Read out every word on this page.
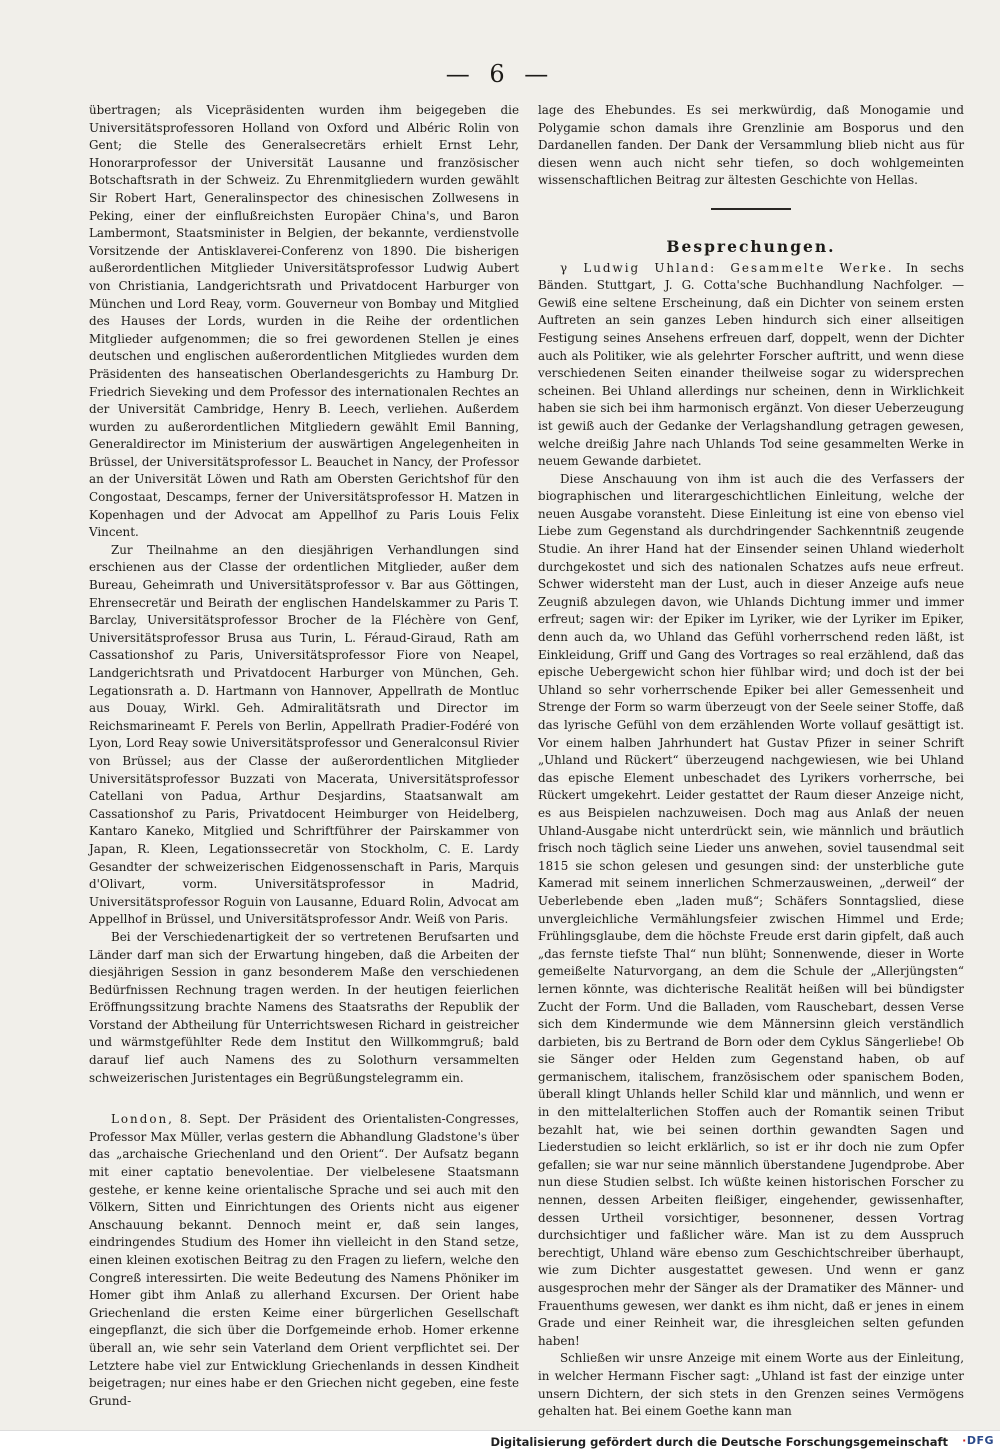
— 6 —

übertragen; als Vicepräsidenten wurden ihm beigegeben die Universitätsprofessoren Holland von Oxford und Albéric Rolin von Gent; die Stelle des Generalsecretärs erhielt Ernst Lehr, Honorarprofessor der Universität Lausanne und französischer Botschaftsrath in der Schweiz. Zu Ehrenmitgliedern wurden gewählt Sir Robert Hart, Generalinspector des chinesischen Zollwesens in Peking, einer der einflußreichsten Europäer China's, und Baron Lambermont, Staatsminister in Belgien, der bekannte, verdienstvolle Vorsitzende der Antisklaverei-Conferenz von 1890. Die bisherigen außerordentlichen Mitglieder Universitätsprofessor Ludwig Aubert von Christiania, Landgerichtsrath und Privatdocent Harburger von München und Lord Reay, vorm. Gouverneur von Bombay und Mitglied des Hauses der Lords, wurden in die Reihe der ordentlichen Mitglieder aufgenommen; die so frei gewordenen Stellen je eines deutschen und englischen außerordentlichen Mitgliedes wurden dem Präsidenten des hanseatischen Oberlandesgerichts zu Hamburg Dr. Friedrich Sieveking und dem Professor des internationalen Rechtes an der Universität Cambridge, Henry B. Leech, verliehen. Außerdem wurden zu außerordentlichen Mitgliedern gewählt Emil Banning, Generaldirector im Ministerium der auswärtigen Angelegenheiten in Brüssel, der Universitätsprofessor L. Beauchet in Nancy, der Professor an der Universität Löwen und Rath am Obersten Gerichtshof für den Congostaat, Descamps, ferner der Universitätsprofessor H. Matzen in Kopenhagen und der Advocat am Appellhof zu Paris Louis Felix Vincent.

Zur Theilnahme an den diesjährigen Verhandlungen sind erschienen aus der Classe der ordentlichen Mitglieder, außer dem Bureau, Geheimrath und Universitätsprofessor v. Bar aus Göttingen, Ehrensecretär und Beirath der englischen Handelskammer zu Paris T. Barclay, Universitätsprofessor Brocher de la Fléchère von Genf, Universitätsprofessor Brusa aus Turin, L. Féraud-Giraud, Rath am Cassationshof zu Paris, Universitätsprofessor Fiore von Neapel, Landgerichtsrath und Privatdocent Harburger von München, Geh. Legationsrath a. D. Hartmann von Hannover, Appellrath de Montluc aus Douay, Wirkl. Geh. Admiralitätsrath und Director im Reichsmarineamt F. Perels von Berlin, Appellrath Pradier-Fodéré von Lyon, Lord Reay sowie Universitätsprofessor und Generalconsul Rivier von Brüssel; aus der Classe der außerordentlichen Mitglieder Universitätsprofessor Buzzati von Macerata, Universitätsprofessor Catellani von Padua, Arthur Desjardins, Staatsanwalt am Cassationshof zu Paris, Privatdocent Heimburger von Heidelberg, Kantaro Kaneko, Mitglied und Schriftführer der Pairskammer von Japan, R. Kleen, Legationssecretär von Stockholm, C. E. Lardy Gesandter der schweizerischen Eidgenossenschaft in Paris, Marquis d'Olivart, vorm. Universitätsprofessor in Madrid, Universitätsprofessor Roguin von Lausanne, Eduard Rolin, Advocat am Appellhof in Brüssel, und Universitätsprofessor Andr. Weiß von Paris.

Bei der Verschiedenartigkeit der so vertretenen Berufsarten und Länder darf man sich der Erwartung hingeben, daß die Arbeiten der diesjährigen Session in ganz besonderem Maße den verschiedenen Bedürfnissen Rechnung tragen werden. In der heutigen feierlichen Eröffnungssitzung brachte Namens des Staatsraths der Republik der Vorstand der Abtheilung für Unterrichtswesen Richard in geistreicher und wärmstgefühlter Rede dem Institut den Willkommgruß; bald darauf lief auch Namens des zu Solothurn versammelten schweizerischen Juristentages ein Begrüßungstelegramm ein.

London, 8. Sept. Der Präsident des Orientalisten-Congresses, Professor Max Müller, verlas gestern die Abhandlung Gladstone's über das „archaische Griechenland und den Orient“. Der Aufsatz begann mit einer captatio benevolentiae. Der vielbelesene Staatsmann gestehe, er kenne keine orientalische Sprache und sei auch mit den Völkern, Sitten und Einrichtungen des Orients nicht aus eigener Anschauung bekannt. Dennoch meint er, daß sein langes, eindringendes Studium des Homer ihn vielleicht in den Stand setze, einen kleinen exotischen Beitrag zu den Fragen zu liefern, welche den Congreß interessirten. Die weite Bedeutung des Namens Phöniker im Homer gibt ihm Anlaß zu allerhand Excursen. Der Orient habe Griechenland die ersten Keime einer bürgerlichen Gesellschaft eingepflanzt, die sich über die Dorfgemeinde erhob. Homer erkenne überall an, wie sehr sein Vaterland dem Orient verpflichtet sei. Der Letztere habe viel zur Entwicklung Griechenlands in dessen Kindheit beigetragen; nur eines habe er den Griechen nicht gegeben, eine feste Grund-

lage des Ehebundes. Es sei merkwürdig, daß Monogamie und Polygamie schon damals ihre Grenzlinie am Bosporus und den Dardanellen fanden. Der Dank der Versammlung blieb nicht aus für diesen wenn auch nicht sehr tiefen, so doch wohlgemeinten wissenschaftlichen Beitrag zur ältesten Geschichte von Hellas.

Besprechungen.

γ Ludwig Uhland: Gesammelte Werke. In sechs Bänden. Stuttgart, J. G. Cotta'sche Buchhandlung Nachfolger. — Gewiß eine seltene Erscheinung, daß ein Dichter von seinem ersten Auftreten an sein ganzes Leben hindurch sich einer allseitigen Festigung seines Ansehens erfreuen darf, doppelt, wenn der Dichter auch als Politiker, wie als gelehrter Forscher auftritt, und wenn diese verschiedenen Seiten einander theilweise sogar zu widersprechen scheinen. Bei Uhland allerdings nur scheinen, denn in Wirklichkeit haben sie sich bei ihm harmonisch ergänzt. Von dieser Ueberzeugung ist gewiß auch der Gedanke der Verlagshandlung getragen gewesen, welche dreißig Jahre nach Uhlands Tod seine gesammelten Werke in neuem Gewande darbietet.

Diese Anschauung von ihm ist auch die des Verfassers der biographischen und literargeschichtlichen Einleitung, welche der neuen Ausgabe voransteht. Diese Einleitung ist eine von ebenso viel Liebe zum Gegenstand als durchdringender Sachkenntniß zeugende Studie. An ihrer Hand hat der Einsender seinen Uhland wiederholt durchgekostet und sich des nationalen Schatzes aufs neue erfreut. Schwer widersteht man der Lust, auch in dieser Anzeige aufs neue Zeugniß abzulegen davon, wie Uhlands Dichtung immer und immer erfreut; sagen wir: der Epiker im Lyriker, wie der Lyriker im Epiker, denn auch da, wo Uhland das Gefühl vorherrschend reden läßt, ist Einkleidung, Griff und Gang des Vortrages so real erzählend, daß das epische Uebergewicht schon hier fühlbar wird; und doch ist der bei Uhland so sehr vorherrschende Epiker bei aller Gemessenheit und Strenge der Form so warm überzeugt von der Seele seiner Stoffe, daß das lyrische Gefühl von dem erzählenden Worte vollauf gesättigt ist. Vor einem halben Jahrhundert hat Gustav Pfizer in seiner Schrift „Uhland und Rückert“ überzeugend nachgewiesen, wie bei Uhland das epische Element unbeschadet des Lyrikers vorherrsche, bei Rückert umgekehrt. Leider gestattet der Raum dieser Anzeige nicht, es aus Beispielen nachzuweisen. Doch mag aus Anlaß der neuen Uhland-Ausgabe nicht unterdrückt sein, wie männlich und bräutlich frisch noch täglich seine Lieder uns anwehen, soviel tausendmal seit 1815 sie schon gelesen und gesungen sind: der unsterbliche gute Kamerad mit seinem innerlichen Schmerzausweinen, „derweil“ der Ueberlebende eben „laden muß“; Schäfers Sonntagslied, diese unvergleichliche Vermählungsfeier zwischen Himmel und Erde; Frühlingsglaube, dem die höchste Freude erst darin gipfelt, daß auch „das fernste tiefste Thal“ nun blüht; Sonnenwende, dieser in Worte gemeißelte Naturvorgang, an dem die Schule der „Allerjüngsten“ lernen könnte, was dichterische Realität heißen will bei bündigster Zucht der Form. Und die Balladen, vom Rauschebart, dessen Verse sich dem Kindermunde wie dem Männersinn gleich verständlich darbieten, bis zu Bertrand de Born oder dem Cyklus Sängerliebe! Ob sie Sänger oder Helden zum Gegenstand haben, ob auf germanischem, italischem, französischem oder spanischem Boden, überall klingt Uhlands heller Schild klar und männlich, und wenn er in den mittelalterlichen Stoffen auch der Romantik seinen Tribut bezahlt hat, wie bei seinen dorthin gewandten Sagen und Liederstudien so leicht erklärlich, so ist er ihr doch nie zum Opfer gefallen; sie war nur seine männlich überstandene Jugendprobe. Aber nun diese Studien selbst. Ich wüßte keinen historischen Forscher zu nennen, dessen Arbeiten fleißiger, eingehender, gewissenhafter, dessen Urtheil vorsichtiger, besonnener, dessen Vortrag durchsichtiger und faßlicher wäre. Man ist zu dem Ausspruch berechtigt, Uhland wäre ebenso zum Geschichtschreiber überhaupt, wie zum Dichter ausgestattet gewesen. Und wenn er ganz ausgesprochen mehr der Sänger als der Dramatiker des Männer- und Frauenthums gewesen, wer dankt es ihm nicht, daß er jenes in einem Grade und einer Reinheit war, die ihresgleichen selten gefunden haben!

Schließen wir unsre Anzeige mit einem Worte aus der Einleitung, in welcher Hermann Fischer sagt: „Uhland ist fast der einzige unter unsern Dichtern, der sich stets in den Grenzen seines Vermögens gehalten hat. Bei einem Goethe kann man

Digitalisierung gefördert durch die Deutsche Forschungsgemeinschaft ·DFG
